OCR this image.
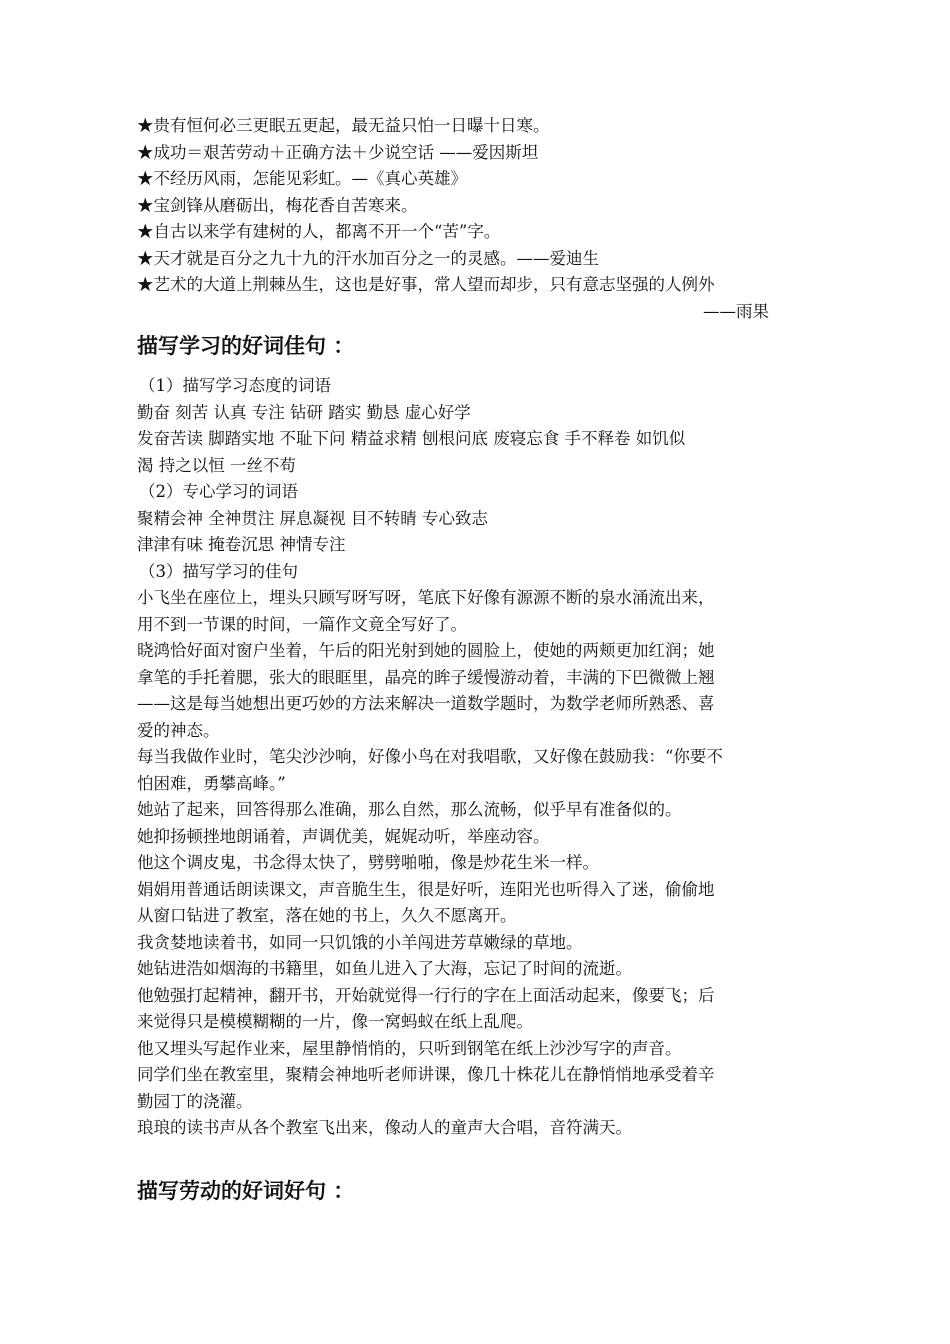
★贵有恒何必三更眠五更起，最无益只怕一日曝十日寒。

★成功＝艰苦劳动＋正确方法＋少说空话 ——爱因斯坦

★不经历风雨，怎能见彩虹。—《真心英雄》

★宝剑锋从磨砺出，梅花香自苦寒来。

★自古以来学有建树的人，都离不开一个“苦”字。

★天才就是百分之九十九的汗水加百分之一的灵感。——爱迪生

★艺术的大道上荆棘丛生，这也是好事，常人望而却步，只有意志坚强的人例外

——雨果

描写学习的好词佳句 ：

（1）描写学习态度的词语

勤奋 刻苦 认真 专注 钻研 踏实 勤恳 虚心好学

发奋苦读 脚踏实地 不耻下问 精益求精 刨根问底 废寝忘食 手不释卷 如饥似

渴 持之以恒 一丝不苟

（2）专心学习的词语

聚精会神 全神贯注 屏息凝视 目不转睛 专心致志

津津有味 掩卷沉思 神情专注

（3）描写学习的佳句

小飞坐在座位上，埋头只顾写呀写呀，笔底下好像有源源不断的泉水涌流出来，

用不到一节课的时间，一篇作文竟全写好了。

晓鸿恰好面对窗户坐着，午后的阳光射到她的圆脸上，使她的两颊更加红润；她

拿笔的手托着腮，张大的眼眶里，晶亮的眸子缓慢游动着，丰满的下巴微微上翘

——这是每当她想出更巧妙的方法来解决一道数学题时，为数学老师所熟悉、喜

爱的神态。

每当我做作业时，笔尖沙沙响，好像小鸟在对我唱歌，又好像在鼓励我：“你要不

怕困难，勇攀高峰。”

她站了起来，回答得那么准确，那么自然，那么流畅，似乎早有准备似的。

她抑扬顿挫地朗诵着，声调优美，娓娓动听，举座动容。

他这个调皮鬼，书念得太快了，劈劈啪啪，像是炒花生米一样。

娟娟用普通话朗读课文，声音脆生生，很是好听，连阳光也听得入了迷，偷偷地

从窗口钻进了教室，落在她的书上，久久不愿离开。

我贪婪地读着书，如同一只饥饿的小羊闯进芳草嫩绿的草地。

她钻进浩如烟海的书籍里，如鱼儿进入了大海，忘记了时间的流逝。

他勉强打起精神，翻开书，开始就觉得一行行的字在上面活动起来，像要飞；后

来觉得只是模模糊糊的一片，像一窝蚂蚁在纸上乱爬。

他又埋头写起作业来，屋里静悄悄的，只听到钢笔在纸上沙沙写字的声音。

同学们坐在教室里，聚精会神地听老师讲课，像几十株花儿在静悄悄地承受着辛

勤园丁的浇灌。

琅琅的读书声从各个教室飞出来，像动人的童声大合唱，音符满天。

描写劳动的好词好句 ：
